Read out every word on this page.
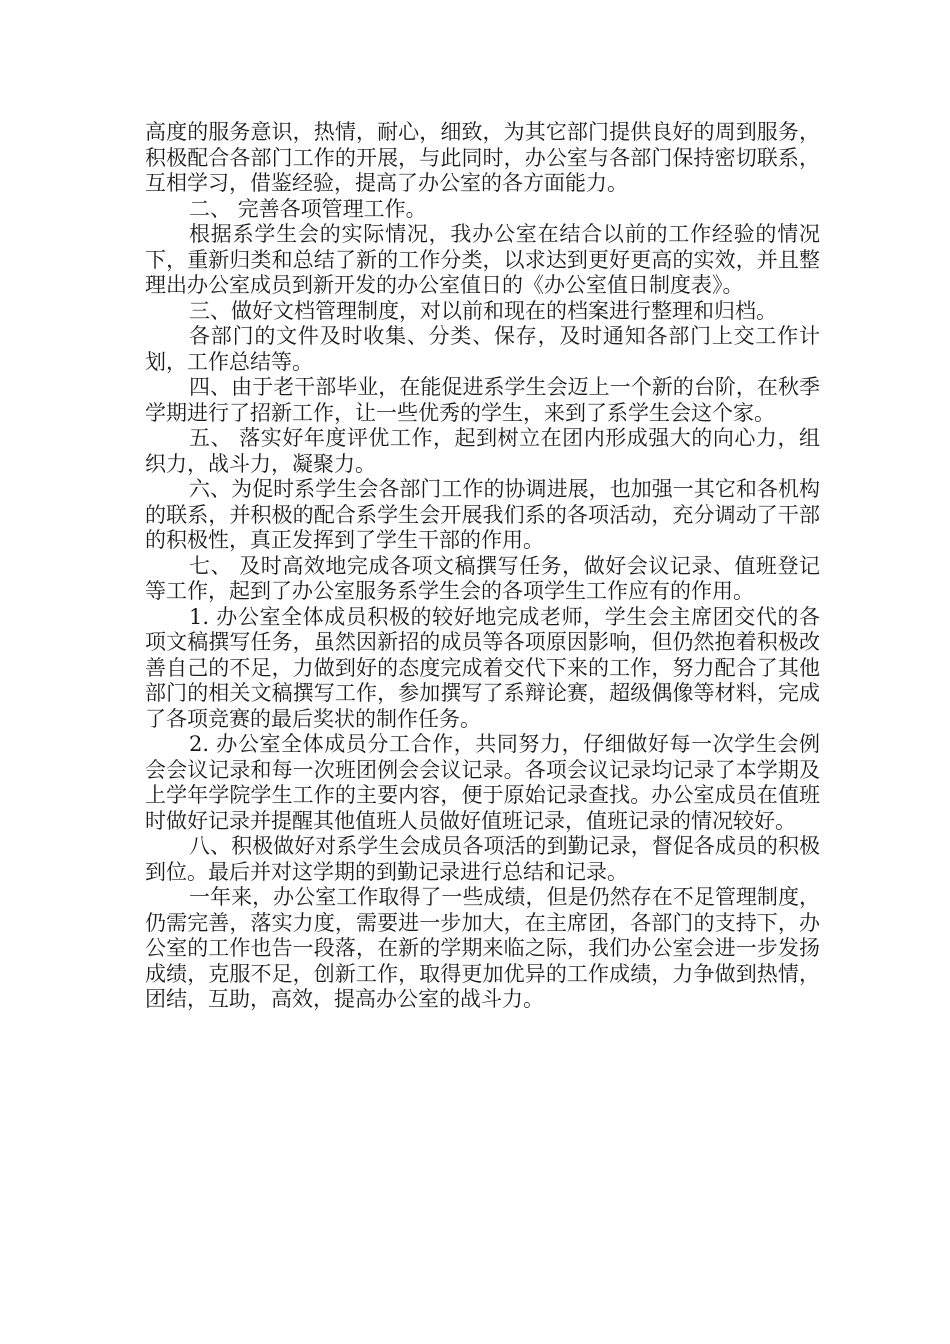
高度的服务意识，热情，耐心，细致，为其它部门提供良好的周到服务，积极配合各部门工作的开展，与此同时，办公室与各部门保持密切联系，互相学习，借鉴经验，提高了办公室的各方面能力。

二、 完善各项管理工作。

根据系学生会的实际情况，我办公室在结合以前的工作经验的情况下，重新归类和总结了新的工作分类，以求达到更好更高的实效，并且整理出办公室成员到新开发的办公室值日的《办公室值日制度表》。

三、做好文档管理制度，对以前和现在的档案进行整理和归档。

各部门的文件及时收集、分类、保存，及时通知各部门上交工作计划，工作总结等。

四、由于老干部毕业，在能促进系学生会迈上一个新的台阶，在秋季学期进行了招新工作，让一些优秀的学生，来到了系学生会这个家。

五、 落实好年度评优工作，起到树立在团内形成强大的向心力，组织力，战斗力，凝聚力。

六、为促时系学生会各部门工作的协调进展，也加强一其它和各机构的联系，并积极的配合系学生会开展我们系的各项活动，充分调动了干部的积极性，真正发挥到了学生干部的作用。

七、 及时高效地完成各项文稿撰写任务，做好会议记录、值班登记等工作，起到了办公室服务系学生会的各项学生工作应有的作用。

1. 办公室全体成员积极的较好地完成老师，学生会主席团交代的各项文稿撰写任务，虽然因新招的成员等各项原因影响，但仍然抱着积极改善自己的不足，力做到好的态度完成着交代下来的工作，努力配合了其他部门的相关文稿撰写工作，参加撰写了系辩论赛，超级偶像等材料，完成了各项竞赛的最后奖状的制作任务。

2. 办公室全体成员分工合作，共同努力，仔细做好每一次学生会例会会议记录和每一次班团例会会议记录。各项会议记录均记录了本学期及上学年学院学生工作的主要内容，便于原始记录查找。办公室成员在值班时做好记录并提醒其他值班人员做好值班记录，值班记录的情况较好。

八、积极做好对系学生会成员各项活的到勤记录，督促各成员的积极到位。最后并对这学期的到勤记录进行总结和记录。

一年来，办公室工作取得了一些成绩，但是仍然存在不足管理制度，仍需完善，落实力度，需要进一步加大，在主席团，各部门的支持下，办公室的工作也告一段落，在新的学期来临之际，我们办公室会进一步发扬成绩，克服不足，创新工作，取得更加优异的工作成绩，力争做到热情，团结，互助，高效，提高办公室的战斗力。
